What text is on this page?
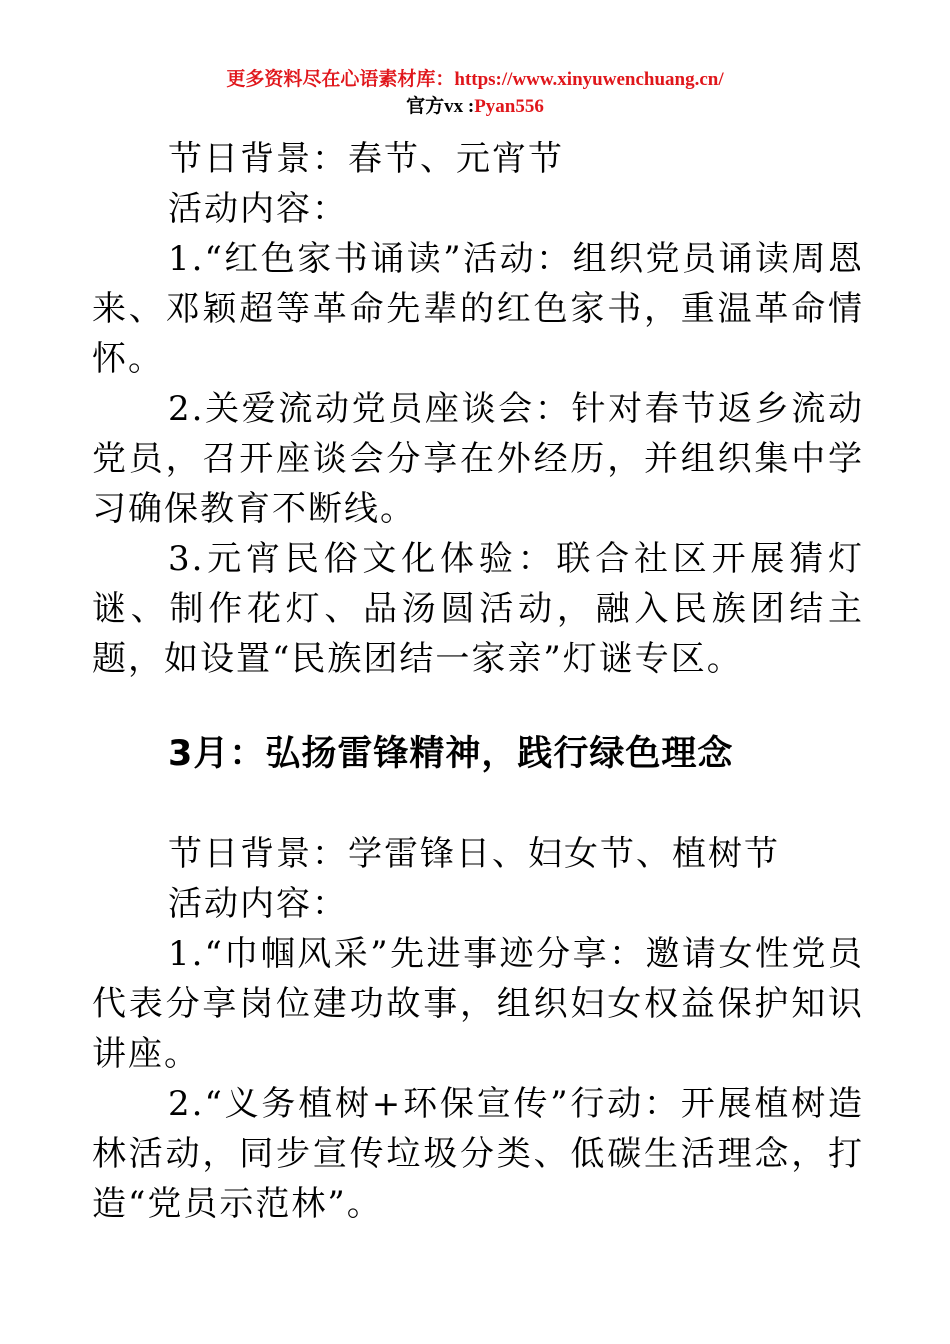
更多资料尽在心语素材库：https://www.xinyuwenchuang.cn/
官方vx :Pyan556

节日背景：春节、元宵节

活动内容：

1.“红色家书诵读”活动：组织党员诵读周恩来、邓颖超等革命先辈的红色家书，重温革命情怀。

2.关爱流动党员座谈会：针对春节返乡流动党员，召开座谈会分享在外经历，并组织集中学习确保教育不断线。

3.元宵民俗文化体验：联合社区开展猜灯谜、制作花灯、品汤圆活动，融入民族团结主题，如设置“民族团结一家亲”灯谜专区。

3月：弘扬雷锋精神，践行绿色理念

节日背景：学雷锋日、妇女节、植树节

活动内容：

1.“巾帼风采”先进事迹分享：邀请女性党员代表分享岗位建功故事，组织妇女权益保护知识讲座。

2.“义务植树+环保宣传”行动：开展植树造林活动，同步宣传垃圾分类、低碳生活理念，打造“党员示范林”。
